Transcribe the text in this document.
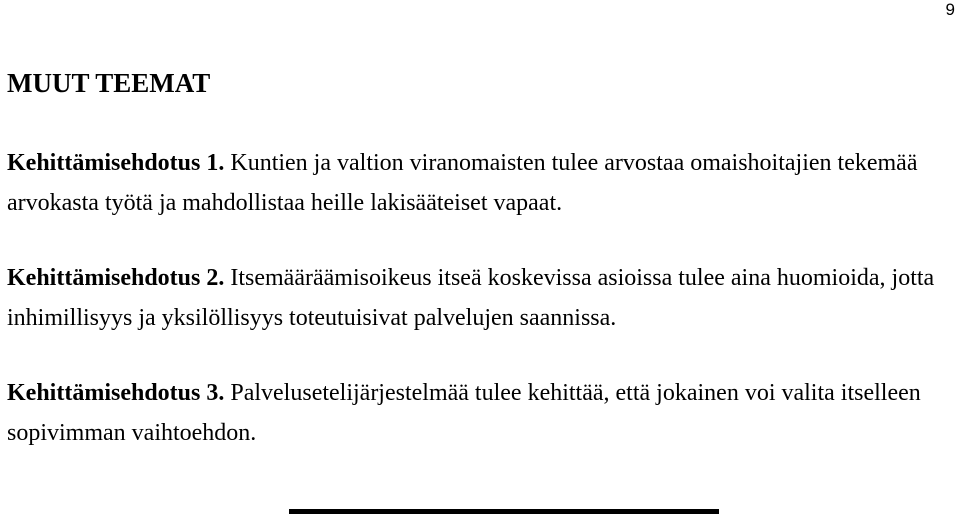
9
MUUT TEEMAT

Kehittämisehdotus 1. Kuntien ja valtion viranomaisten tulee arvostaa omaishoitajien tekemää arvokasta työtä ja mahdollistaa heille lakisääteiset vapaat.

Kehittämisehdotus 2. Itsemääräämisoikeus itseä koskevissa asioissa tulee aina huomioida, jotta inhimillisyys ja yksilöllisyys toteutuisivat palvelujen saannissa.

Kehittämisehdotus 3. Palvelusetelijärjestelmää tulee kehittää, että jokainen voi valita itselleen sopivimman vaihtoehdon.
